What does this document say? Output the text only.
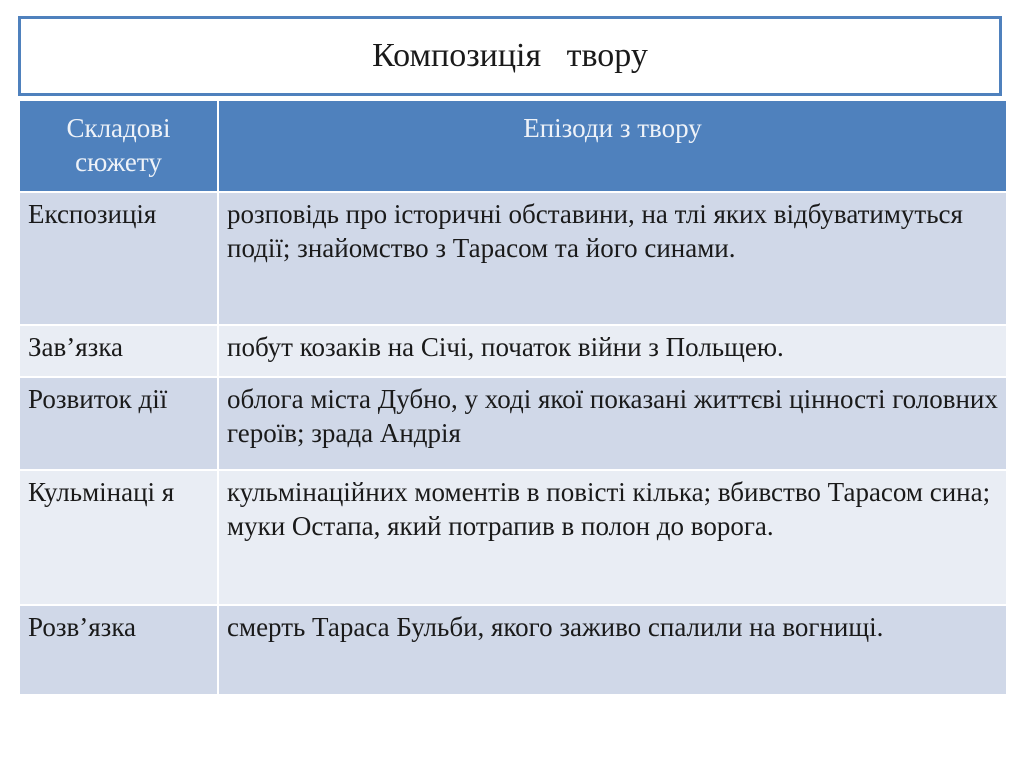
Композиція   твору
Складові сюжету	Епізоди з твору
Експозиція	розповідь про історичні обставини, на тлі яких відбуватимуться події; знайомство з Тарасом та його синами.
Зав’язка	побут козаків на Січі, початок війни з Польщею.
Розвиток дії	облога міста Дубно, у ході якої показані життєві цінності головних героїв; зрада Андрія
Кульмінаці я	кульмінаційних моментів в повісті кілька; вбивство Тарасом сина; муки Остапа, який потрапив в полон до ворога.
Розв’язка	смерть Тараса Бульби, якого заживо спалили на вогнищі.
